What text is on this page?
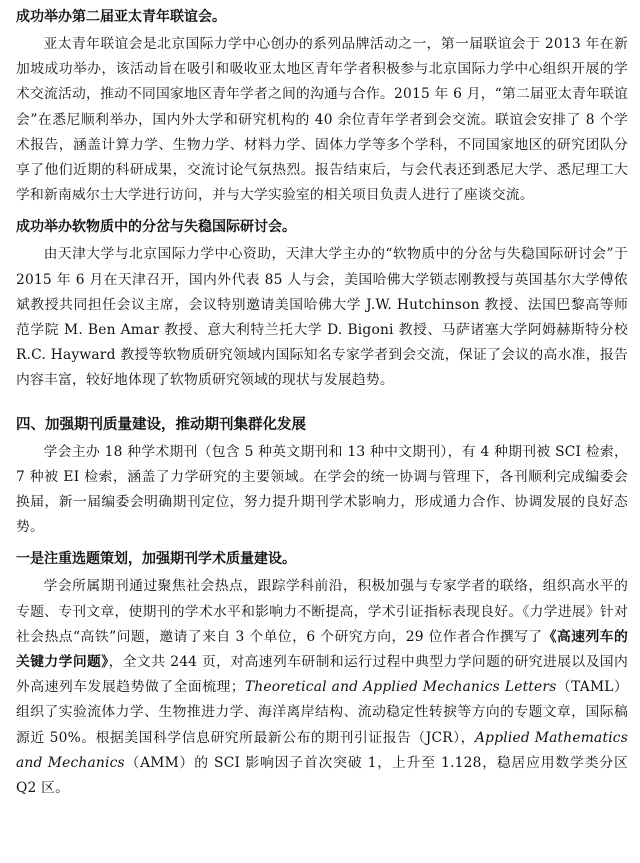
成功举办第二届亚太青年联谊会。

亚太青年联谊会是北京国际力学中心创办的系列品牌活动之一，第一届联谊会于 2013 年在新加坡成功举办，该活动旨在吸引和吸收亚太地区青年学者积极参与北京国际力学中心组织开展的学术交流活动，推动不同国家地区青年学者之间的沟通与合作。2015 年 6 月，“第二届亚太青年联谊会”在悉尼顺利举办，国内外大学和研究机构的 40 余位青年学者到会交流。联谊会安排了 8 个学术报告，涵盖计算力学、生物力学、材料力学、固体力学等多个学科，不同国家地区的研究团队分享了他们近期的科研成果，交流讨论气氛热烈。报告结束后，与会代表还到悉尼大学、悉尼理工大学和新南威尔士大学进行访问，并与大学实验室的相关项目负责人进行了座谈交流。

成功举办软物质中的分岔与失稳国际研讨会。

由天津大学与北京国际力学中心资助，天津大学主办的“软物质中的分岔与失稳国际研讨会”于 2015 年 6 月在天津召开，国内外代表 85 人与会，美国哈佛大学锁志刚教授与英国基尔大学傅侬斌教授共同担任会议主席，会议特别邀请美国哈佛大学 J.W. Hutchinson 教授、法国巴黎高等师范学院 M. Ben Amar 教授、意大利特兰托大学 D. Bigoni 教授、马萨诸塞大学阿姆赫斯特分校 R.C. Hayward 教授等软物质研究领域内国际知名专家学者到会交流，保证了会议的高水准，报告内容丰富，较好地体现了软物质研究领域的现状与发展趋势。

四、加强期刊质量建设，推动期刊集群化发展

学会主办 18 种学术期刊（包含 5 种英文期刊和 13 种中文期刊），有 4 种期刊被 SCI 检索，7 种被 EI 检索，涵盖了力学研究的主要领域。在学会的统一协调与管理下，各刊顺利完成编委会换届，新一届编委会明确期刊定位，努力提升期刊学术影响力，形成通力合作、协调发展的良好态势。

一是注重选题策划，加强期刊学术质量建设。

学会所属期刊通过聚焦社会热点，跟踪学科前沿，积极加强与专家学者的联络，组织高水平的专题、专刊文章，使期刊的学术水平和影响力不断提高，学术引证指标表现良好。《力学进展》针对社会热点“高铁”问题，邀请了来自 3 个单位，6 个研究方向，29 位作者合作撰写了《高速列车的关键力学问题》，全文共 244 页，对高速列车研制和运行过程中典型力学问题的研究进展以及国内外高速列车发展趋势做了全面梳理；Theoretical and Applied Mechanics Letters（TAML）组织了实验流体力学、生物推进力学、海洋离岸结构、流动稳定性转捩等方向的专题文章，国际稿源近 50%。根据美国科学信息研究所最新公布的期刊引证报告（JCR），Applied Mathematics and Mechanics（AMM）的 SCI 影响因子首次突破 1，上升至 1.128，稳居应用数学类分区 Q2 区。
